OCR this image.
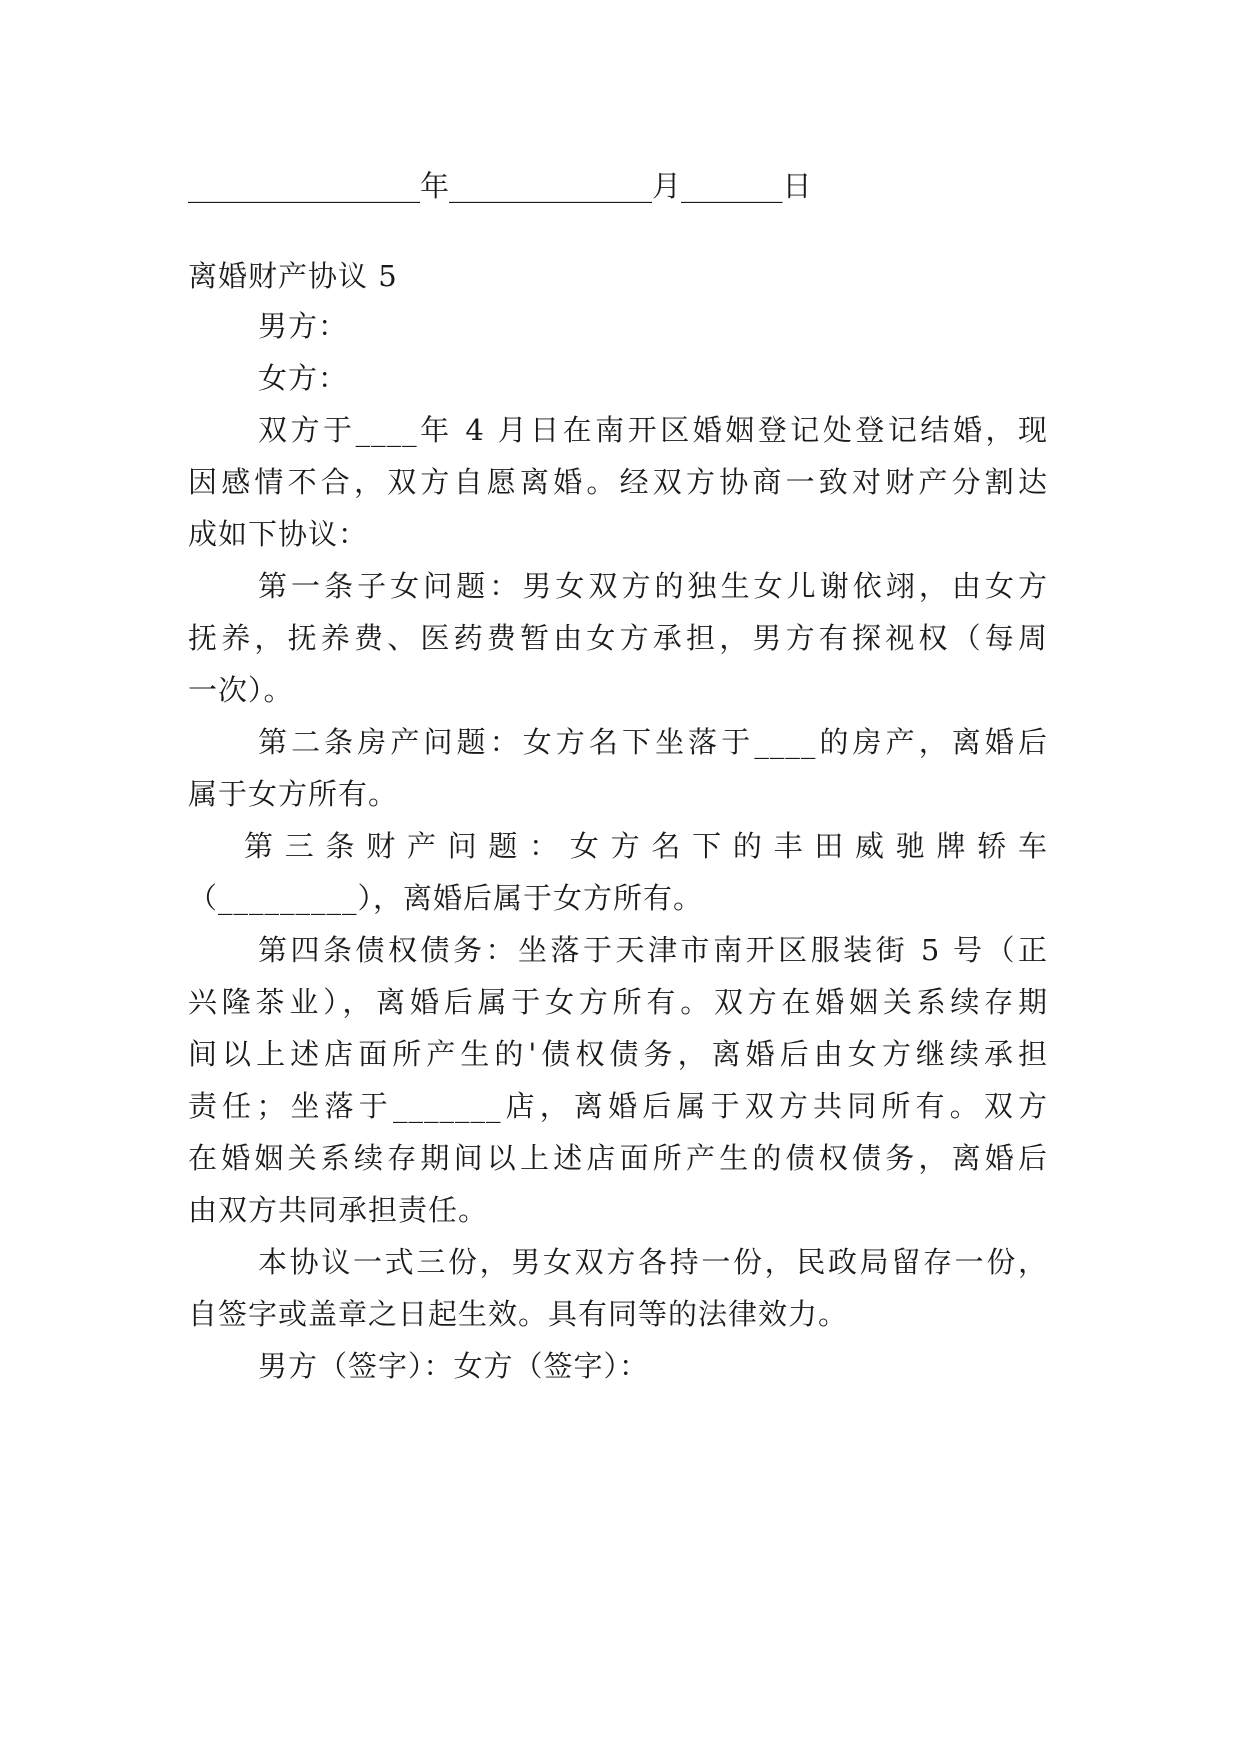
________________年______________月_______日
离婚财产协议 5
男方：
女方：
双方于____年 4 月日在南开区婚姻登记处登记结婚，现
因感情不合，双方自愿离婚。经双方协商一致对财产分割达
成如下协议：
第一条子女问题：男女双方的独生女儿谢依翊，由女方
抚养，抚养费、医药费暂由女方承担，男方有探视权（每周
一次）。
第二条房产问题：女方名下坐落于____的房产，离婚后
属于女方所有。
第三条财产问题：女方名下的丰田威驰牌轿车
（_________），离婚后属于女方所有。
第四条债权债务：坐落于天津市南开区服装街 5 号（正
兴隆茶业），离婚后属于女方所有。双方在婚姻关系续存期
间以上述店面所产生的'债权债务，离婚后由女方继续承担
责任；坐落于_______店，离婚后属于双方共同所有。双方
在婚姻关系续存期间以上述店面所产生的债权债务，离婚后
由双方共同承担责任。
本协议一式三份，男女双方各持一份，民政局留存一份，
自签字或盖章之日起生效。具有同等的法律效力。
男方（签字）：女方（签字）：
